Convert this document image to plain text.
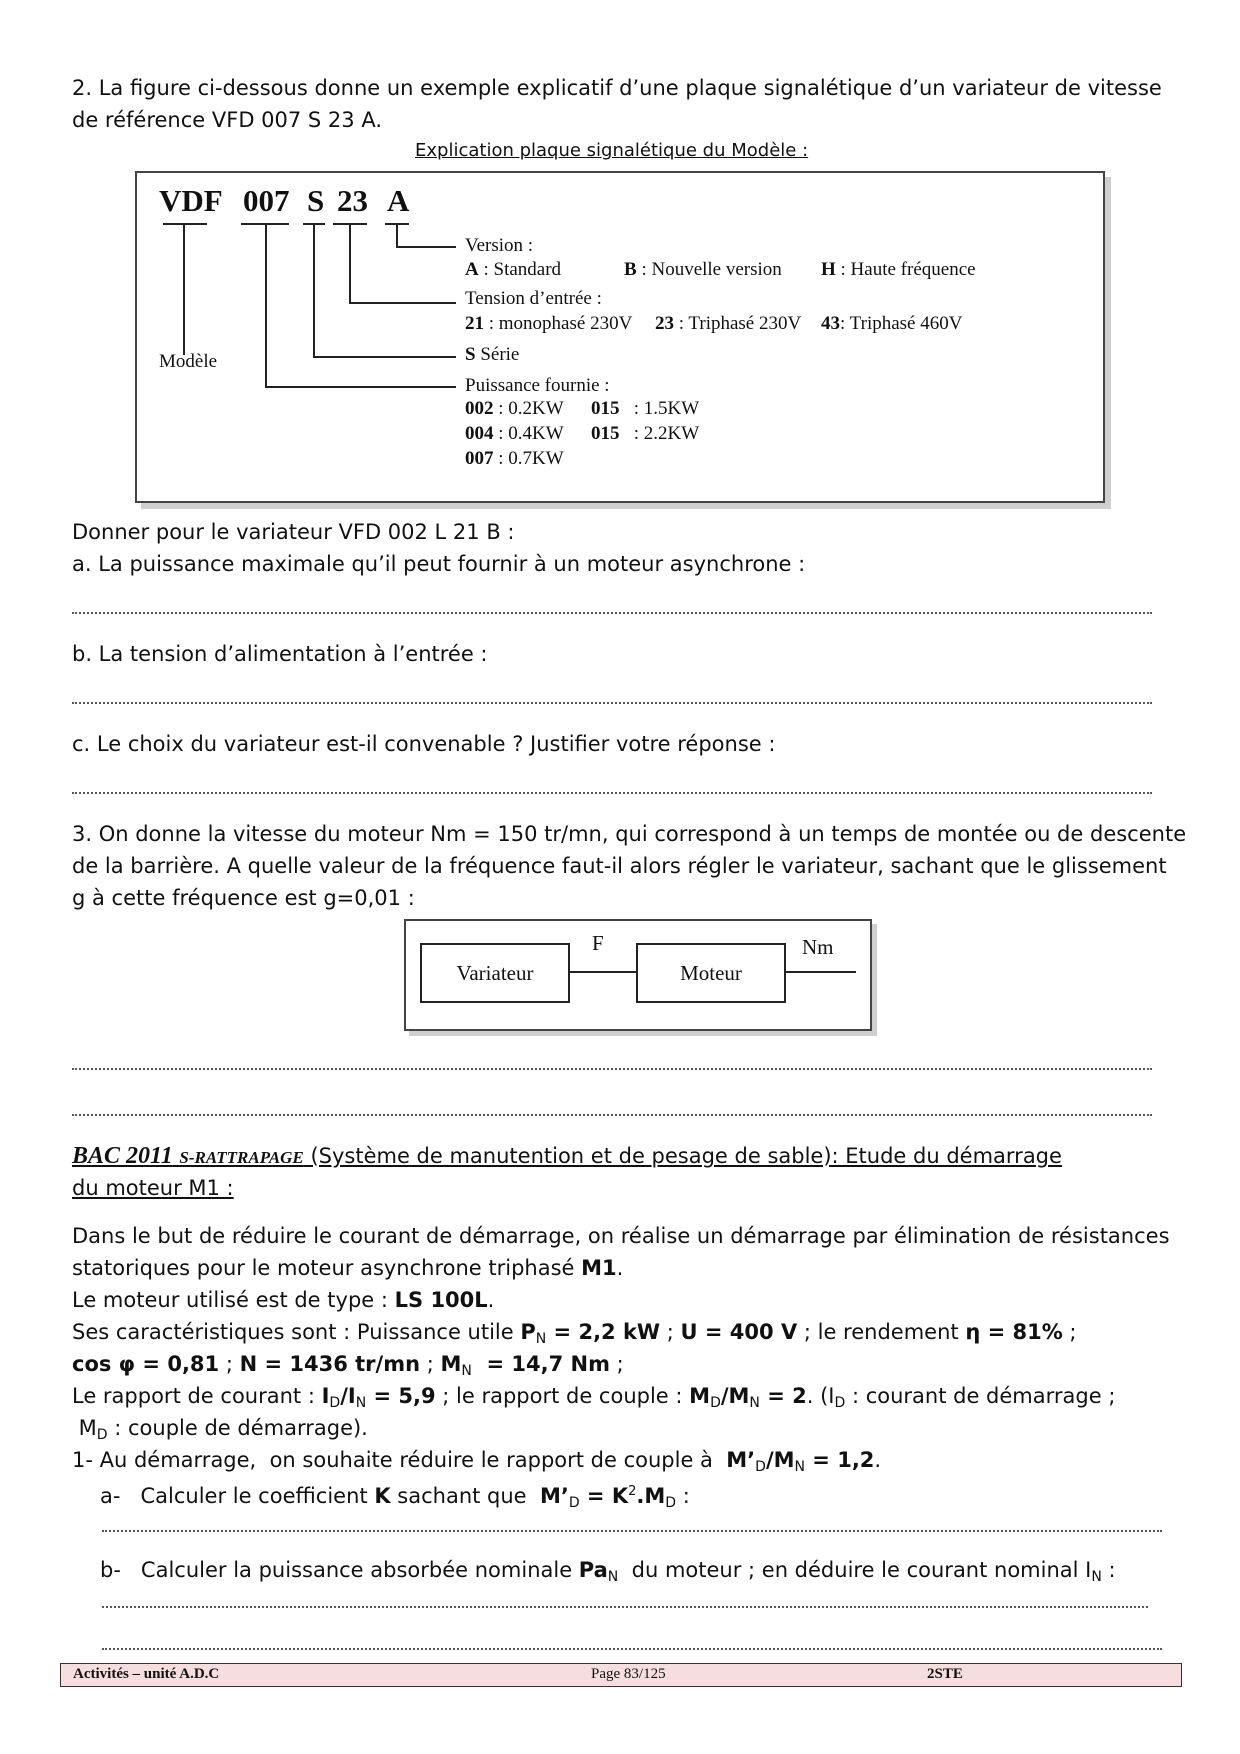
2. La figure ci-dessous donne un exemple explicatif d’une plaque signalétique d’un variateur de vitesse
de référence VFD 007 S 23 A.
Explication plaque signalétique du Modèle :
VDF 007 S 23 A
Modèle
Version :
A : Standard	B : Nouvelle version H : Haute fréquence
Tension d’entrée :
21 : monophasé 230V 23 : Triphasé 230V 43: Triphasé 460V
S Série
Puissance fournie :
002 : 0.2KW 015   : 1.5KW
004 : 0.4KW 015   : 2.2KW
007 : 0.7KW
Donner pour le variateur VFD 002 L 21 B :
a. La puissance maximale qu’il peut fournir à un moteur asynchrone :
b. La tension d’alimentation à l’entrée :
c. Le choix du variateur est-il convenable ? Justifier votre réponse :
3. On donne la vitesse du moteur Nm = 150 tr/mn, qui correspond à un temps de montée ou de descente
de la barrière. A quelle valeur de la fréquence faut-il alors régler le variateur, sachant que le glissement
g à cette fréquence est g=0,01 :
Variateur	Moteur
F	Nm
BAC 2011 S-RATTRAPAGE (Système de manutention et de pesage de sable): Etude du démarrage
du moteur M1 :
Dans le but de réduire le courant de démarrage, on réalise un démarrage par élimination de résistances
statoriques pour le moteur asynchrone triphasé M1.
Le moteur utilisé est de type : LS 100L.
Ses caractéristiques sont : Puissance utile $P_N = 2,2$ kW ; U = 400 V ; le rendement η = 81% ;
cos φ = 0,81 ; N = 1436 tr/mn ; $M_N = 14,7$ Nm ;
Le rapport de courant : $I_D/I_N = 5,9$ ; le rapport de couple : $M_D/M_N = 2$. ($I_D$ : courant de démarrage ;
$M_D$ : couple de démarrage).
1- Au démarrage,  on souhaite réduire le rapport de couple à  $M’_D/M_N = 1,2$.
a-   Calculer le coefficient K sachant que  $M’_D = K^2.M_D$ :
b-   Calculer la puissance absorbée nominale $Pa_N$  du moteur ; en déduire le courant nominal $I_N$ :
Activités – unité A.D.C	Page 83/125	2STE
